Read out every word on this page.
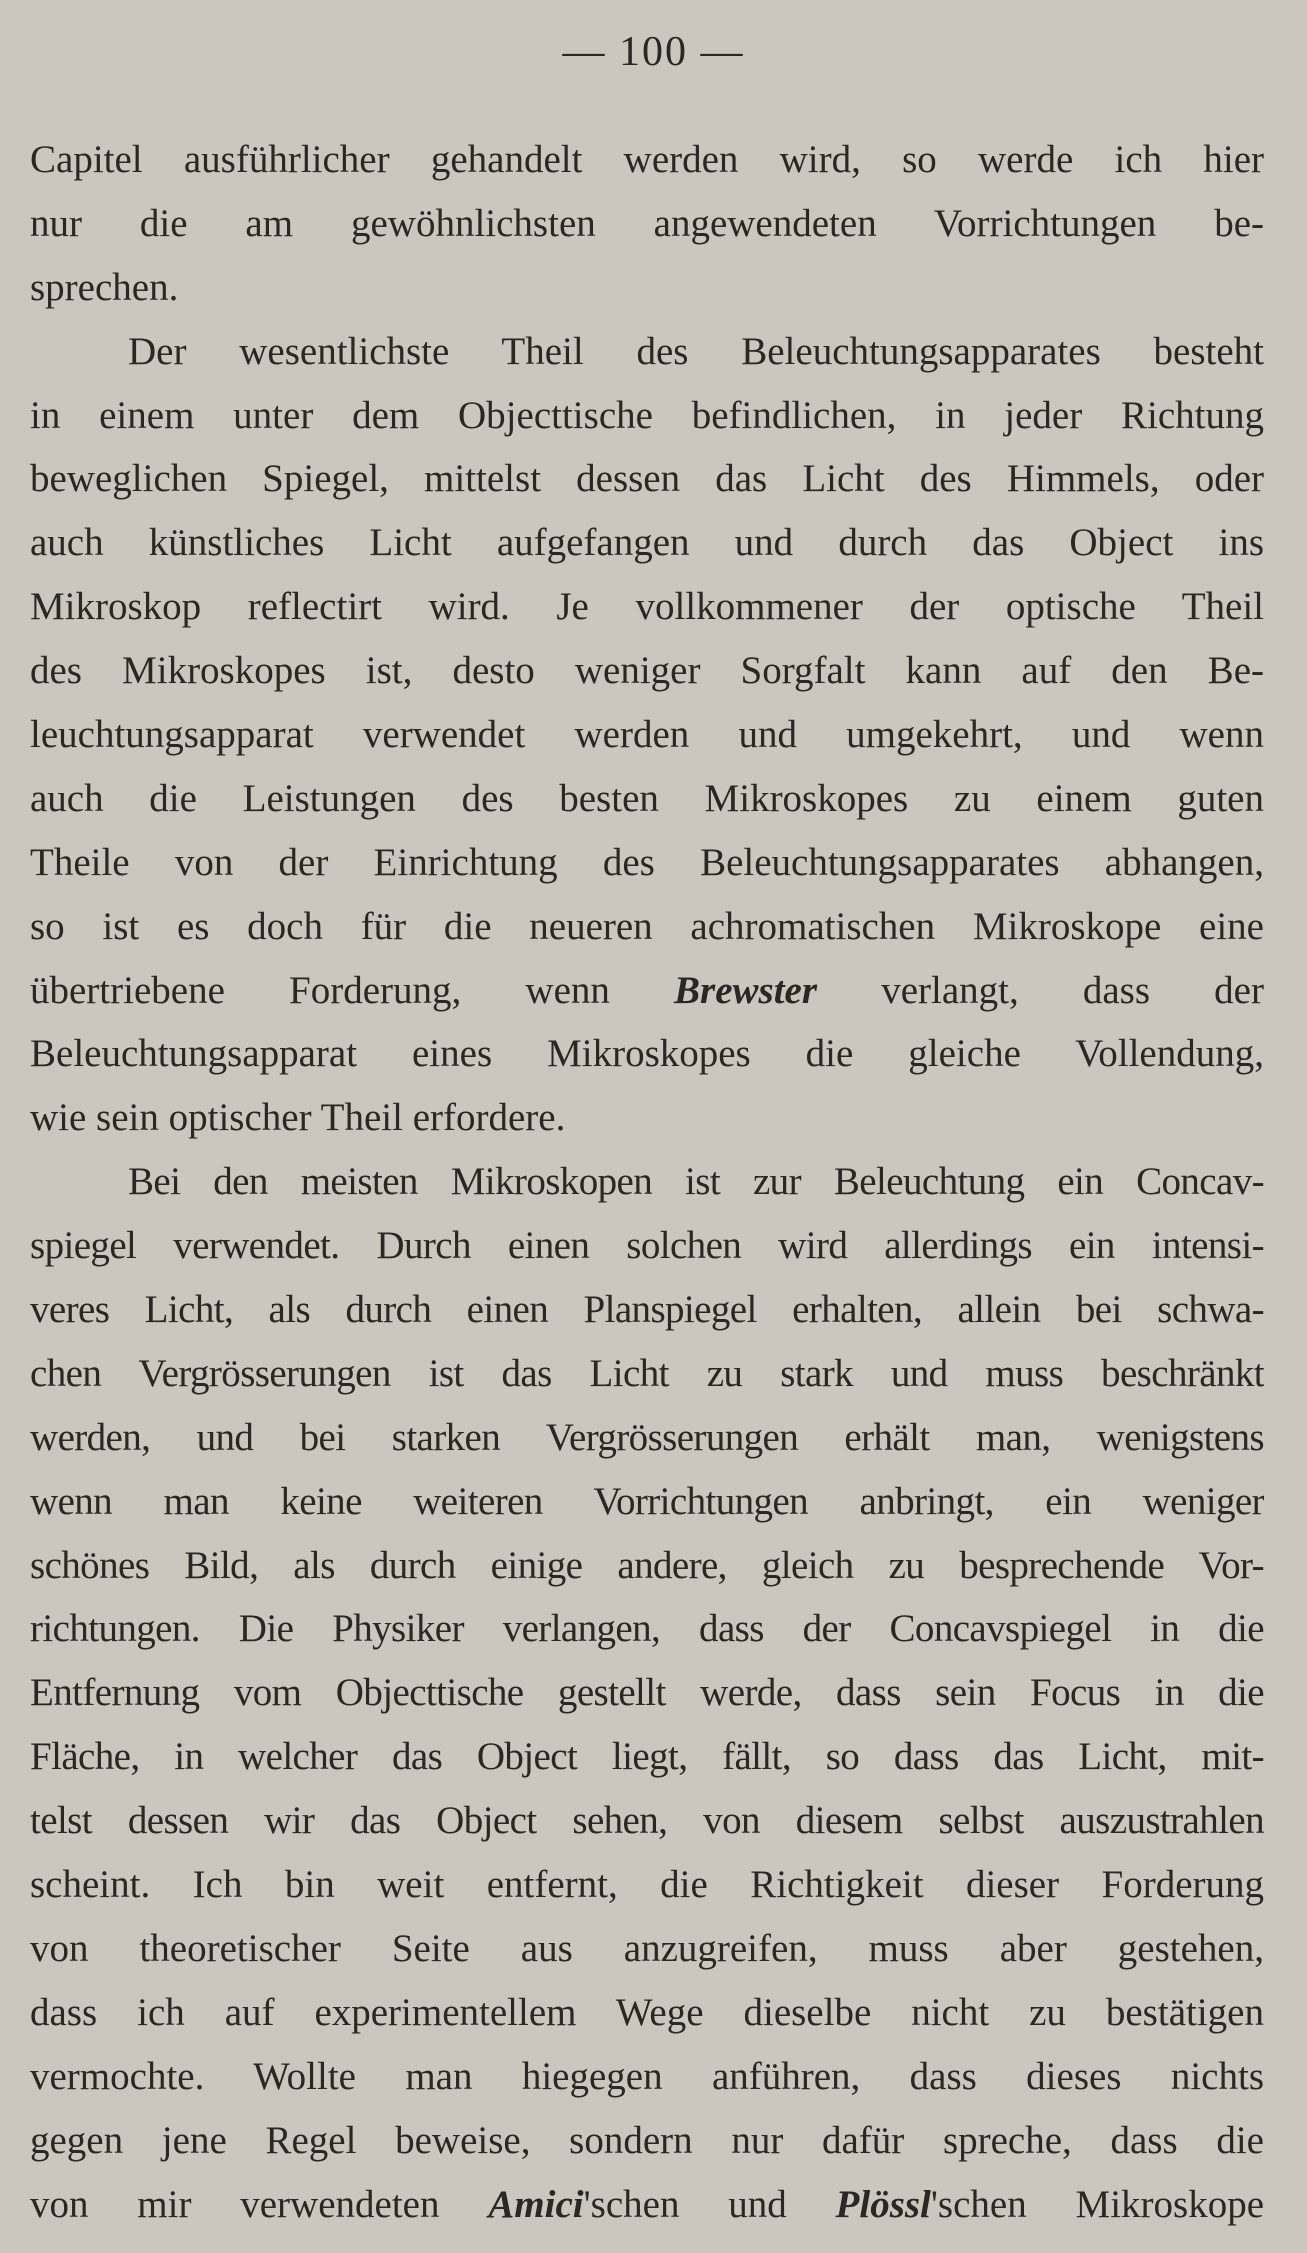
— 100 —
Capitel ausführlicher gehandelt werden wird, so werde ich hier
nur die am gewöhnlichsten angewendeten Vorrichtungen be-
sprechen.
Der wesentlichste Theil des Beleuchtungsapparates besteht
in einem unter dem Objecttische befindlichen, in jeder Richtung
beweglichen Spiegel, mittelst dessen das Licht des Himmels, oder
auch künstliches Licht aufgefangen und durch das Object ins
Mikroskop reflectirt wird. Je vollkommener der optische Theil
des Mikroskopes ist, desto weniger Sorgfalt kann auf den Be-
leuchtungsapparat verwendet werden und umgekehrt, und wenn
auch die Leistungen des besten Mikroskopes zu einem guten
Theile von der Einrichtung des Beleuchtungsapparates abhangen,
so ist es doch für die neueren achromatischen Mikroskope eine
übertriebene Forderung, wenn Brewster verlangt, dass der
Beleuchtungsapparat eines Mikroskopes die gleiche Vollendung,
wie sein optischer Theil erfordere.
Bei den meisten Mikroskopen ist zur Beleuchtung ein Concav-
spiegel verwendet. Durch einen solchen wird allerdings ein intensi-
veres Licht, als durch einen Planspiegel erhalten, allein bei schwa-
chen Vergrösserungen ist das Licht zu stark und muss beschränkt
werden, und bei starken Vergrösserungen erhält man, wenigstens
wenn man keine weiteren Vorrichtungen anbringt, ein weniger
schönes Bild, als durch einige andere, gleich zu besprechende Vor-
richtungen. Die Physiker verlangen, dass der Concavspiegel in die
Entfernung vom Objecttische gestellt werde, dass sein Focus in die
Fläche, in welcher das Object liegt, fällt, so dass das Licht, mit-
telst dessen wir das Object sehen, von diesem selbst auszustrahlen
scheint. Ich bin weit entfernt, die Richtigkeit dieser Forderung
von theoretischer Seite aus anzugreifen, muss aber gestehen,
dass ich auf experimentellem Wege dieselbe nicht zu bestätigen
vermochte. Wollte man hiegegen anführen, dass dieses nichts
gegen jene Regel beweise, sondern nur dafür spreche, dass die
von mir verwendeten Amici'schen und Plössl'schen Mikroskope
